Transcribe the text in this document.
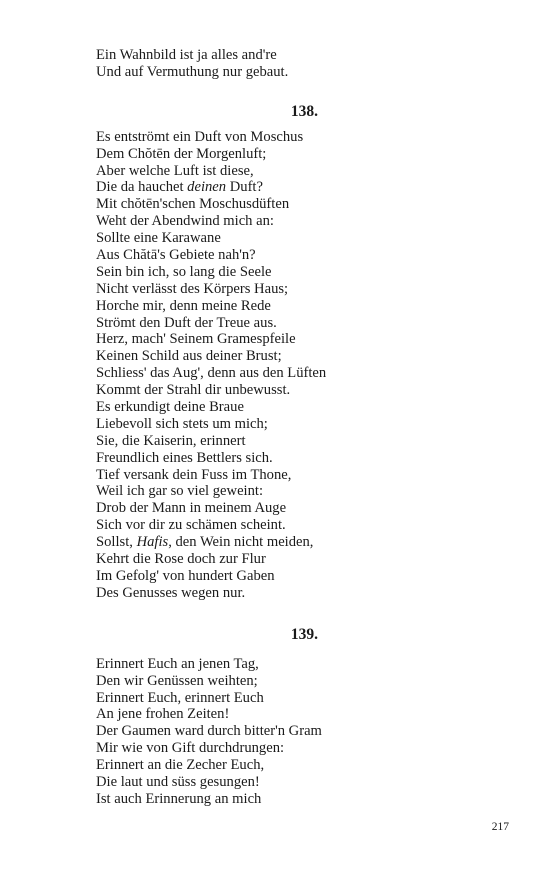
Ein Wahnbild ist ja alles and're
Und auf Vermuthung nur gebaut.
138.
Es entströmt ein Duft von Moschus
Dem Chŏtēn der Morgenluft;
Aber welche Luft ist diese,
Die da hauchet deinen Duft?
Mit chŏtēn'schen Moschusdüften
Weht der Abendwind mich an:
Sollte eine Karawane
Aus Chătā's Gebiete nah'n?
Sein bin ich, so lang die Seele
Nicht verlässt des Körpers Haus;
Horche mir, denn meine Rede
Strömt den Duft der Treue aus.
Herz, mach' Seinem Gramespfeile
Keinen Schild aus deiner Brust;
Schliess' das Aug', denn aus den Lüften
Kommt der Strahl dir unbewusst.
Es erkundigt deine Braue
Liebevoll sich stets um mich;
Sie, die Kaiserin, erinnert
Freundlich eines Bettlers sich.
Tief versank dein Fuss im Thone,
Weil ich gar so viel geweint:
Drob der Mann in meinem Auge
Sich vor dir zu schämen scheint.
Sollst, Hafis, den Wein nicht meiden,
Kehrt die Rose doch zur Flur
Im Gefolg' von hundert Gaben
Des Genusses wegen nur.
139.
Erinnert Euch an jenen Tag,
Den wir Genüssen weihten;
Erinnert Euch, erinnert Euch
An jene frohen Zeiten!
Der Gaumen ward durch bitter'n Gram
Mir wie von Gift durchdrungen:
Erinnert an die Zecher Euch,
Die laut und süss gesungen!
Ist auch Erinnerung an mich
217
